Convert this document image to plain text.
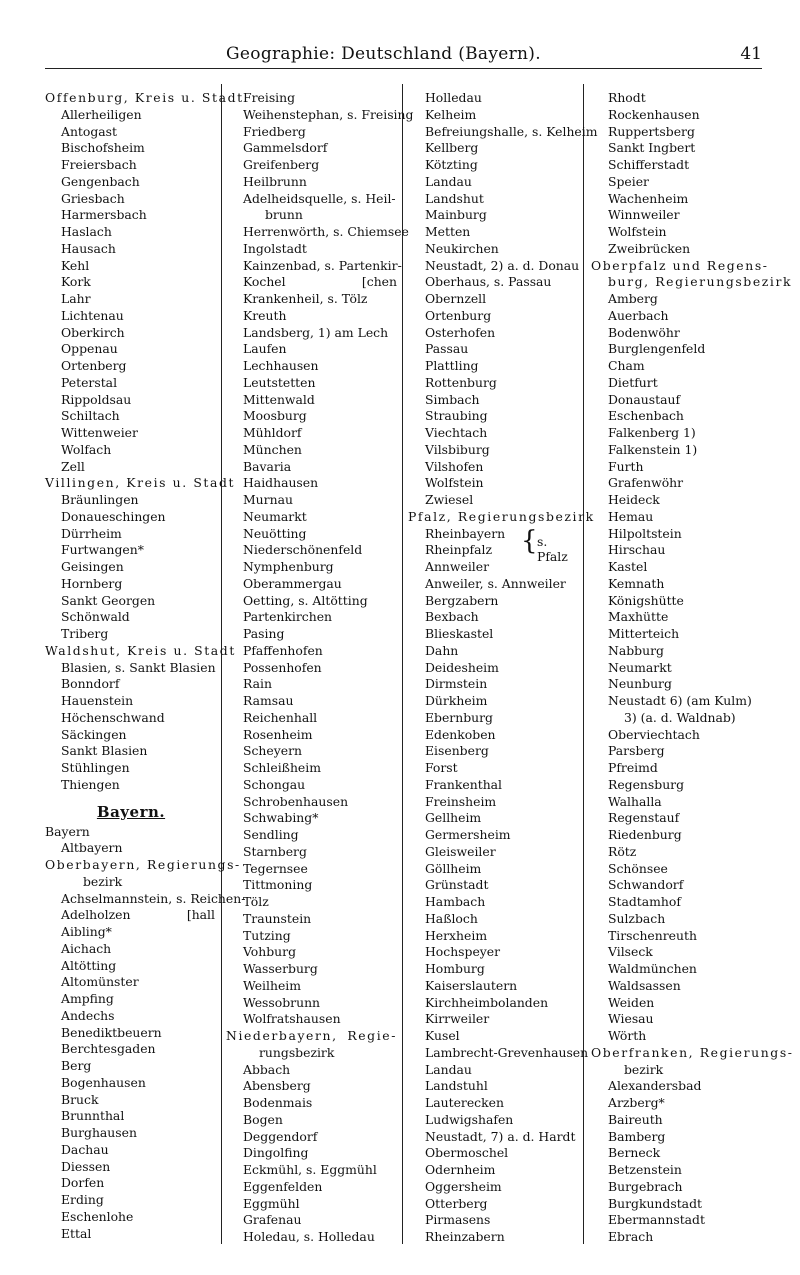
Geographie: Deutschland (Bayern).	41
Offenburg, Kreis u. Stadt
Allerheiligen
Antogast
Bischofsheim
Freiersbach
Gengenbach
Griesbach
Harmersbach
Haslach
Hausach
Kehl
Kork
Lahr
Lichtenau
Oberkirch
Oppenau
Ortenberg
Peterstal
Rippoldsau
Schiltach
Wittenweier
Wolfach
Zell
Villingen, Kreis u. Stadt
Bräunlingen
Donaueschingen
Dürrheim
Furtwangen*
Geisingen
Hornberg
Sankt Georgen
Schönwald
Triberg
Waldshut, Kreis u. Stadt
Blasien, s. Sankt Blasien
Bonndorf
Hauenstein
Höchenschwand
Säckingen
Sankt Blasien
Stühlingen
Thiengen
Bayern.
Bayern
Altbayern
Oberbayern, Regierungs-
bezirk
Achselmannstein, s. Reichen-
Adelholzen	[hall
Aibling*
Aichach
Altötting
Altomünster
Ampfing
Andechs
Benediktbeuern
Berchtesgaden
Berg
Bogenhausen
Bruck
Brunnthal
Burghausen
Dachau
Diessen
Dorfen
Erding
Eschenlohe
Ettal
Freising
Weihenstephan, s. Freising
Friedberg
Gammelsdorf
Greifenberg
Heilbrunn
Adelheidsquelle, s. Heil-
brunn
Herrenwörth, s. Chiemsee
Ingolstadt
Kainzenbad, s. Partenkir-
Kochel	[chen
Krankenheil, s. Tölz
Kreuth
Landsberg, 1) am Lech
Laufen
Lechhausen
Leutstetten
Mittenwald
Moosburg
Mühldorf
München
Bavaria
Haidhausen
Murnau
Neumarkt
Neuötting
Niederschönenfeld
Nymphenburg
Oberammergau
Oetting, s. Altötting
Partenkirchen
Pasing
Pfaffenhofen
Possenhofen
Rain
Ramsau
Reichenhall
Rosenheim
Scheyern
Schleißheim
Schongau
Schrobenhausen
Schwabing*
Sendling
Starnberg
Tegernsee
Tittmoning
Tölz
Traunstein
Tutzing
Vohburg
Wasserburg
Weilheim
Wessobrunn
Wolfratshausen
Niederbayern, Regie-
rungsbezirk
Abbach
Abensberg
Bodenmais
Bogen
Deggendorf
Dingolfing
Eckmühl, s. Eggmühl
Eggenfelden
Eggmühl
Grafenau
Holedau, s. Holledau
Holledau
Kelheim
Befreiungshalle, s. Kelheim
Kellberg
Kötzting
Landau
Landshut
Mainburg
Metten
Neukirchen
Neustadt, 2) a. d. Donau
Oberhaus, s. Passau
Obernzell
Ortenburg
Osterhofen
Passau
Plattling
Rottenburg
Simbach
Straubing
Viechtach
Vilsbiburg
Vilshofen
Wolfstein
Zwiesel
Pfalz, Regierungsbezirk
Rheinbayern
Rheinpfalz	{ s. Pfalz
Annweiler
Anweiler, s. Annweiler
Bergzabern
Bexbach
Blieskastel
Dahn
Deidesheim
Dirmstein
Dürkheim
Ebernburg
Edenkoben
Eisenberg
Forst
Frankenthal
Freinsheim
Gellheim
Germersheim
Gleisweiler
Göllheim
Grünstadt
Hambach
Haßloch
Herxheim
Hochspeyer
Homburg
Kaiserslautern
Kirchheimbolanden
Kirrweiler
Kusel
Lambrecht-Grevenhausen
Landau
Landstuhl
Lauterecken
Ludwigshafen
Neustadt, 7) a. d. Hardt
Obermoschel
Odernheim
Oggersheim
Otterberg
Pirmasens
Rheinzabern
Rhodt
Rockenhausen
Ruppertsberg
Sankt Ingbert
Schifferstadt
Speier
Wachenheim
Winnweiler
Wolfstein
Zweibrücken
Oberpfalz und Regens-
burg, Regierungsbezirk
Amberg
Auerbach
Bodenwöhr
Burglengenfeld
Cham
Dietfurt
Donaustauf
Eschenbach
Falkenberg 1)
Falkenstein 1)
Furth
Grafenwöhr
Heideck
Hemau
Hilpoltstein
Hirschau
Kastel
Kemnath
Königshütte
Maxhütte
Mitterteich
Nabburg
Neumarkt
Neunburg
Neustadt 6) (am Kulm)
3) (a. d. Waldnab)
Oberviechtach
Parsberg
Pfreimd
Regensburg
Walhalla
Regenstauf
Riedenburg
Rötz
Schönsee
Schwandorf
Stadtamhof
Sulzbach
Tirschenreuth
Vilseck
Waldmünchen
Waldsassen
Weiden
Wiesau
Wörth
Oberfranken, Regierungs-
bezirk
Alexandersbad
Arzberg*
Baireuth
Bamberg
Berneck
Betzenstein
Burgebrach
Burgkundstadt
Ebermannstadt
Ebrach
